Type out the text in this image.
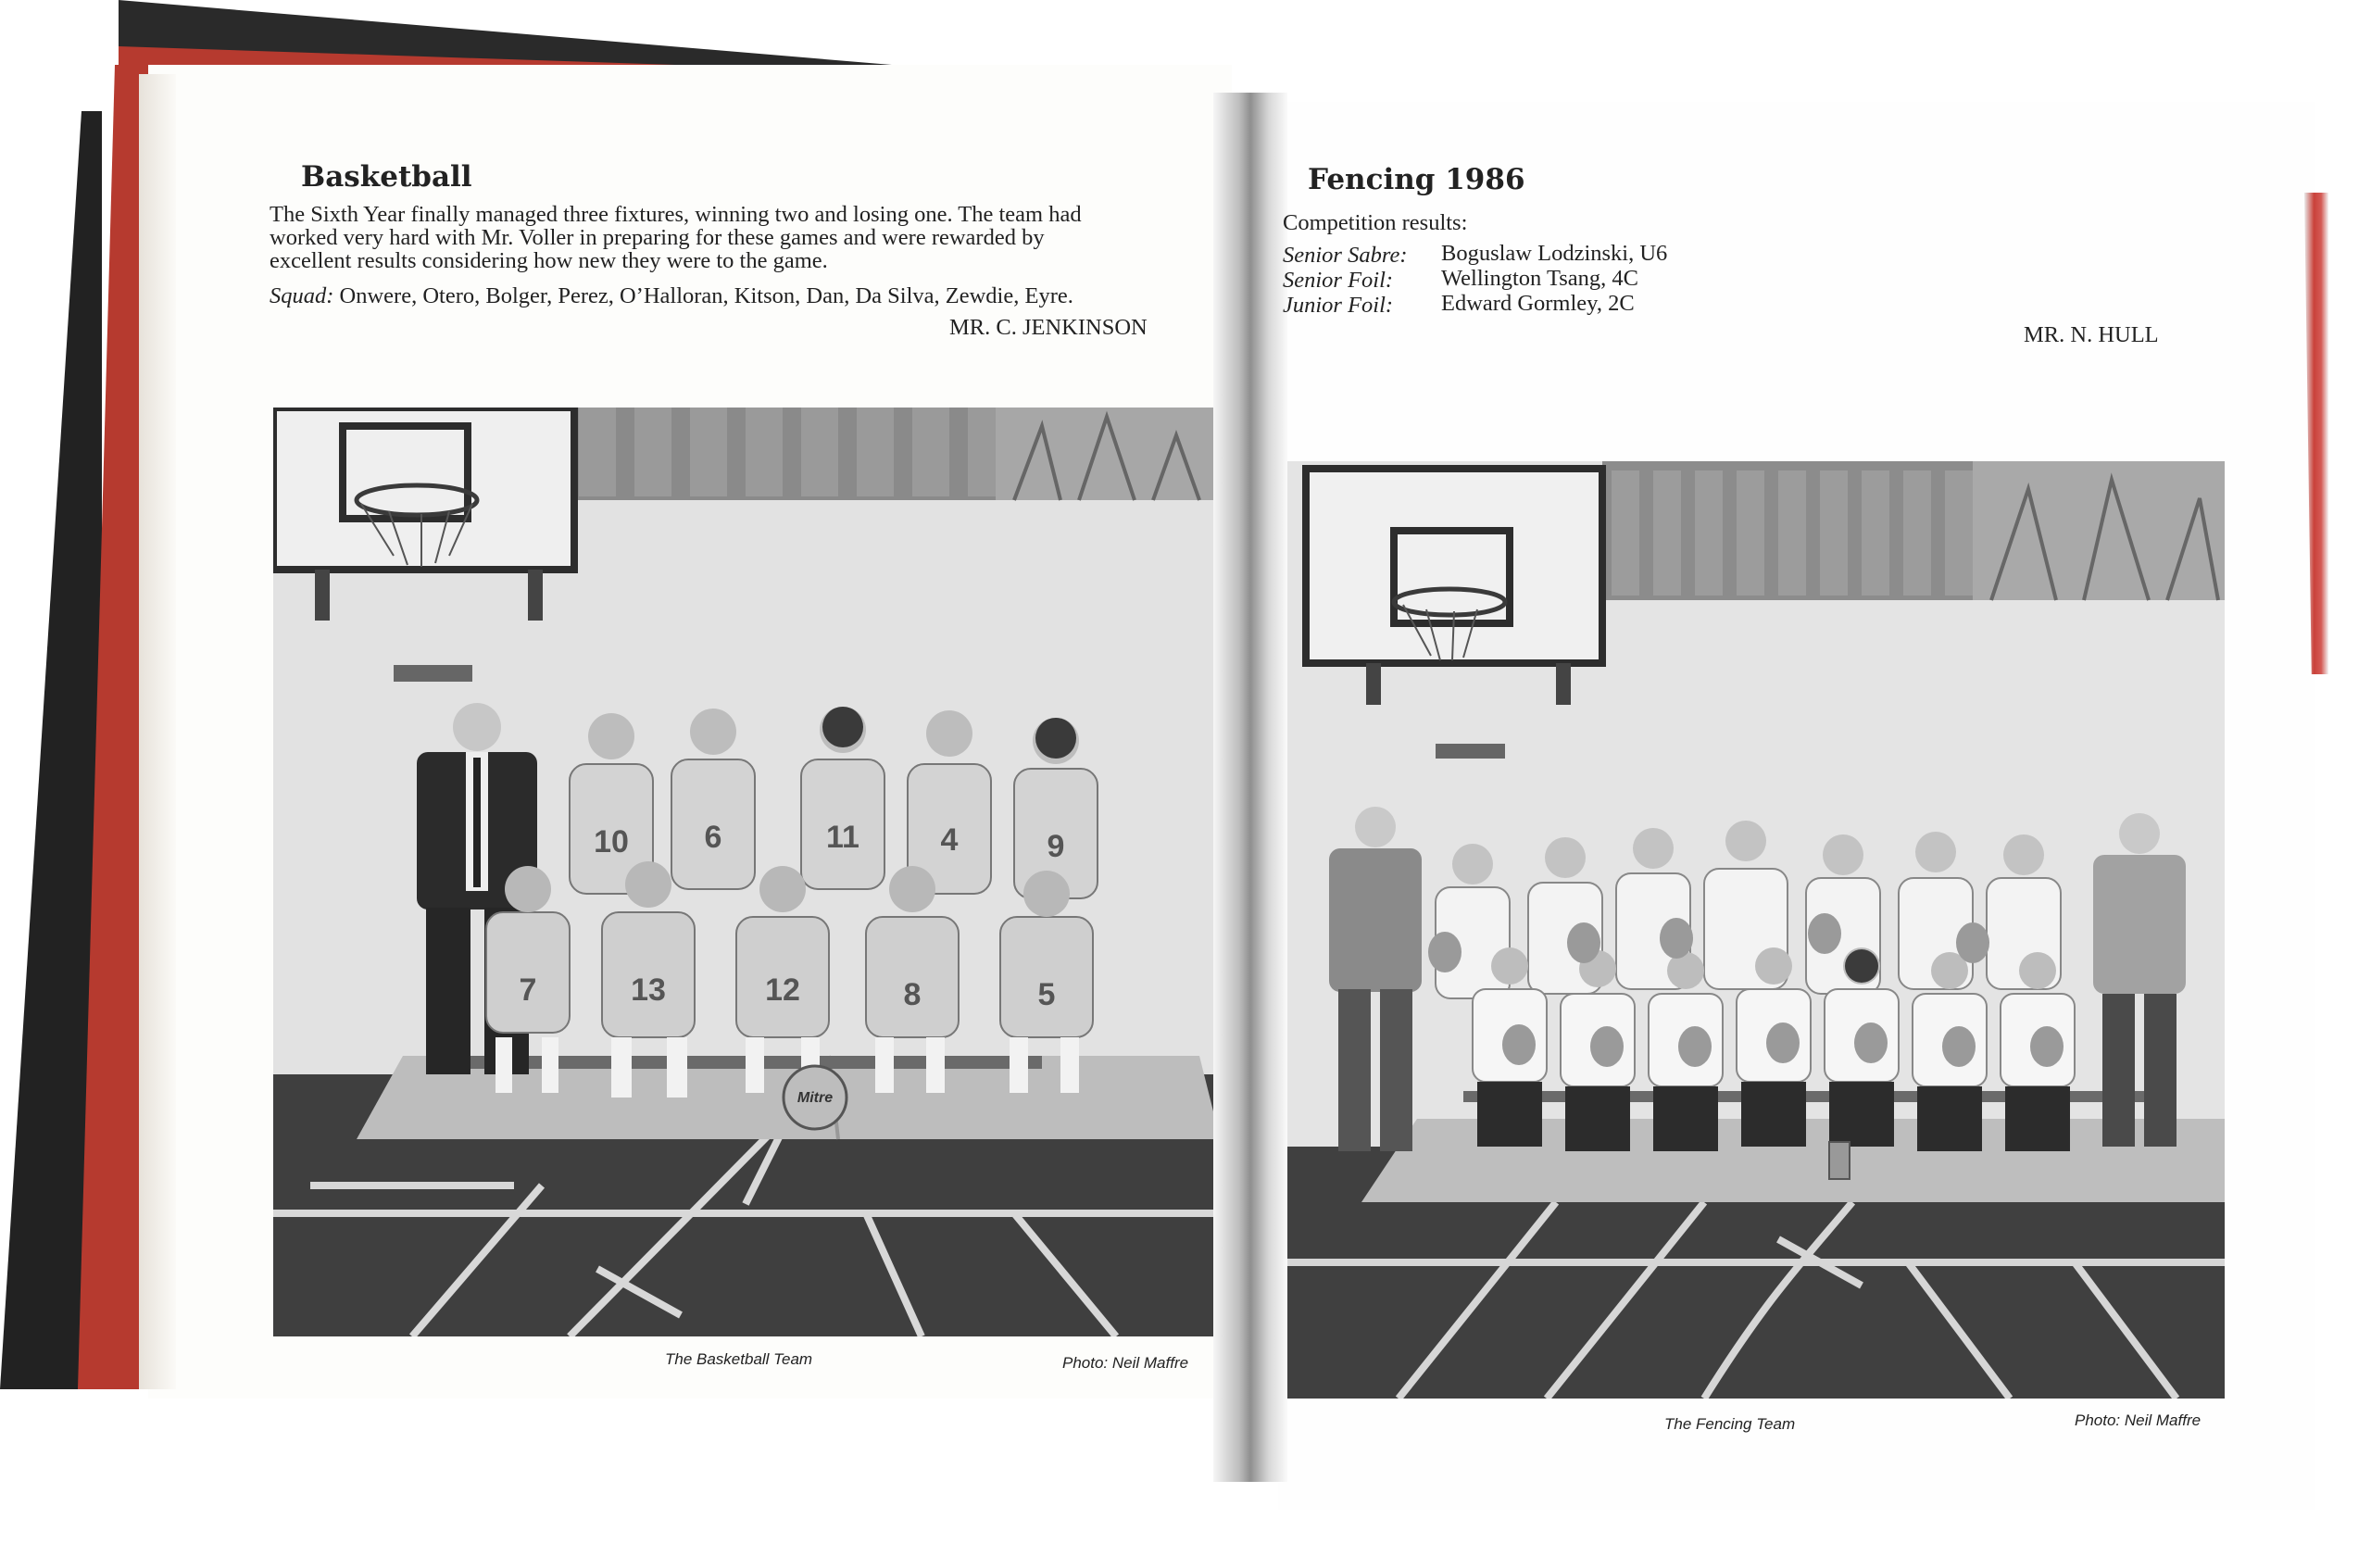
Basketball
The Sixth Year finally managed three fixtures, winning two and losing one. The team had
worked very hard with Mr. Voller in preparing for these games and were rewarded by
excellent results considering how new they were to the game.
Squad: Onwere, Otero, Bolger, Perez, O’Halloran, Kitson, Dan, Da Silva, Zewdie, Eyre.
MR. C. JENKINSON
10 6	11	4	9
7	13	12	8	5
Mitre
The Basketball Team	Photo: Neil Maffre
Fencing 1986
Competition results:
Senior Sabre: Boguslaw Lodzinski, U6
Senior Foil: Wellington Tsang, 4C
Junior Foil: Edward Gormley, 2C
MR. N. HULL
The Fencing Team	Photo: Neil Maffre
